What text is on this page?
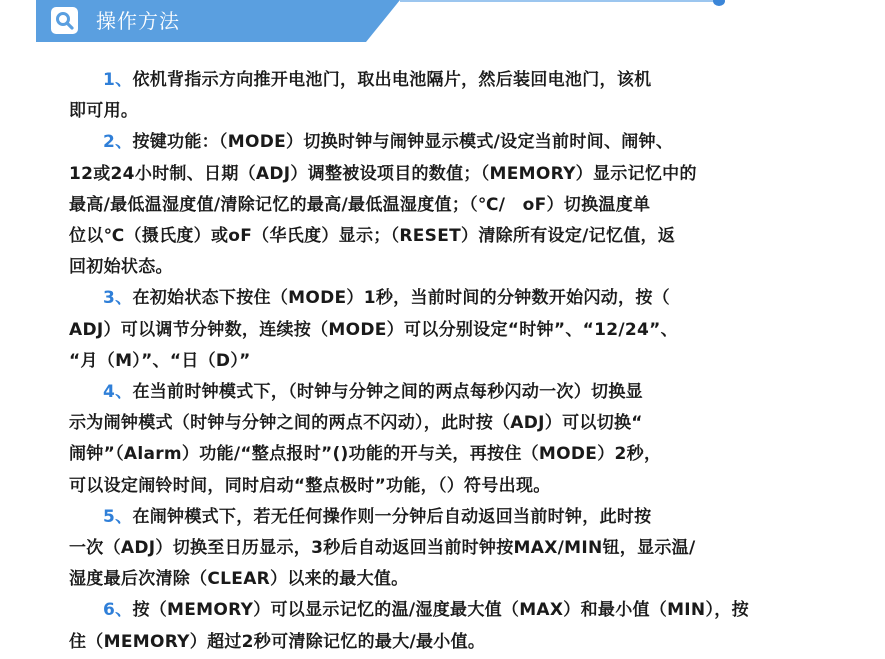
操作方法

1、依机背指示方向推开电池门，取出电池隔片，然后装回电池门，该机
即可用。

2、按键功能：（MODE）切换时钟与闹钟显示模式/设定当前时间、闹钟、
12或24小时制、日期（ADJ）调整被设项目的数值；（MEMORY）显示记忆中的
最高/最低温湿度值/清除记忆的最高/最低温湿度值；（℃/　oF）切换温度单
位以℃（摄氏度）或oF（华氏度）显示；（RESET）清除所有设定/记忆值，返
回初始状态。

3、在初始状态下按住（MODE）1秒，当前时间的分钟数开始闪动，按（
ADJ）可以调节分钟数，连续按（MODE）可以分别设定“时钟”、“12/24”、
“月（M）”、“日（D）”

4、在当前时钟模式下，（时钟与分钟之间的两点每秒闪动一次）切换显
示为闹钟模式（时钟与分钟之间的两点不闪动），此时按（ADJ）可以切换“
闹钟”（Alarm）功能/“整点报时”()功能的开与关，再按住（MODE）2秒，
可以设定闹铃时间，同时启动“整点极时”功能，（）符号出现。

5、在闹钟模式下，若无任何操作则一分钟后自动返回当前时钟，此时按
一次（ADJ）切换至日历显示，3秒后自动返回当前时钟按MAX/MIN钮，显示温/
湿度最后次清除（CLEAR）以来的最大值。

6、按（MEMORY）可以显示记忆的温/湿度最大值（MAX）和最小值（MIN），按
住（MEMORY）超过2秒可清除记忆的最大/最小值。
